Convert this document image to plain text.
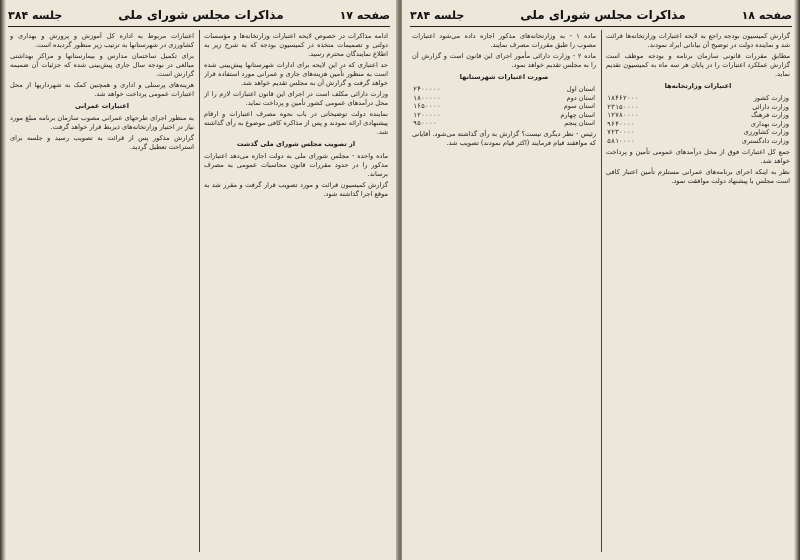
صفحه ۱۷
مذاکرات مجلس شورای ملی
جلسه ۳۸۴

ادامه مذاکرات در خصوص لایحه اعتبارات وزارتخانه‌ها و مؤسسات دولتی و تصمیمات متخذه در کمیسیون بودجه که به شرح زیر به اطلاع نمایندگان محترم رسید.

حد اعتباری که در این لایحه برای ادارات شهرستانها پیش‌بینی شده است به منظور تأمین هزینه‌های جاری و عمرانی مورد استفاده قرار خواهد گرفت و گزارش آن به مجلس تقدیم خواهد شد.

وزارت دارائی مکلف است در اجرای این قانون اعتبارات لازم را از محل درآمدهای عمومی کشور تأمین و پرداخت نماید.

نماینده دولت توضیحاتی در باب نحوه مصرف اعتبارات و ارقام پیشنهادی ارائه نمودند و پس از مذاکره کافی موضوع به رأی گذاشته شد.

از تصویب مجلس شورای ملی گذشت

ماده واحده - مجلس شورای ملی به دولت اجازه می‌دهد اعتبارات مذکور را در حدود مقررات قانون محاسبات عمومی به مصرف برساند.

گزارش کمیسیون قرائت و مورد تصویب قرار گرفت و مقرر شد به موقع اجرا گذاشته شود.

اعتبارات مربوط به اداره کل آموزش و پرورش و بهداری و کشاورزی در شهرستانها به ترتیب زیر منظور گردیده است.

برای تکمیل ساختمان مدارس و بیمارستانها و مراکز بهداشتی مبالغی در بودجه سال جاری پیش‌بینی شده که جزئیات آن ضمیمه گزارش است.

هزینه‌های پرسنلی و اداری و همچنین کمک به شهرداریها از محل اعتبارات عمومی پرداخت خواهد شد.

اعتبارات عمرانی

به منظور اجرای طرحهای عمرانی مصوب سازمان برنامه مبلغ مورد نیاز در اختیار وزارتخانه‌های ذیربط قرار خواهد گرفت.

گزارش مذکور پس از قرائت به تصویب رسید و جلسه برای استراحت تعطیل گردید.

صفحه ۱۸
مذاکرات مجلس شورای ملی
جلسه ۳۸۴

گزارش کمیسیون بودجه راجع به لایحه اعتبارات وزارتخانه‌ها قرائت شد و نماینده دولت در توضیح آن بیاناتی ایراد نمودند.

مطابق مقررات قانونی سازمان برنامه و بودجه موظف است گزارش عملکرد اعتبارات را در پایان هر سه ماه به کمیسیون تقدیم نماید.

اعتبارات وزارتخانه‌ها

وزارت کشور	۱۸۴۶۲۰۰۰
وزارت دارائی	۲۳۱۵۰۰۰۰
وزارت فرهنگ	۱۲۷۸۰۰۰۰
وزارت بهداری	۹۶۴۰۰۰۰
وزارت کشاورزی	۷۲۳۰۰۰۰
وزارت دادگستری	۵۸۱۰۰۰۰

جمع کل اعتبارات فوق از محل درآمدهای عمومی تأمین و پرداخت خواهد شد.

نظر به اینکه اجرای برنامه‌های عمرانی مستلزم تأمین اعتبار کافی است مجلس با پیشنهاد دولت موافقت نمود.

ماده ۱ - به وزارتخانه‌های مذکور اجازه داده می‌شود اعتبارات مصوب را طبق مقررات مصرف نمایند.

ماده ۲ - وزارت دارائی مأمور اجرای این قانون است و گزارش آن را به مجلس تقدیم خواهد نمود.

صورت اعتبارات شهرستانها

استان اول	۲۴۰۰۰۰۰
استان دوم	۱۸۰۰۰۰۰
استان سوم	۱۶۵۰۰۰۰
استان چهارم	۱۲۰۰۰۰۰
استان پنجم	۹۵۰۰۰۰

رئیس - نظر دیگری نیست؟ گزارش به رأی گذاشته می‌شود. آقایانی که موافقند قیام فرمایند (اکثر قیام نمودند) تصویب شد.
